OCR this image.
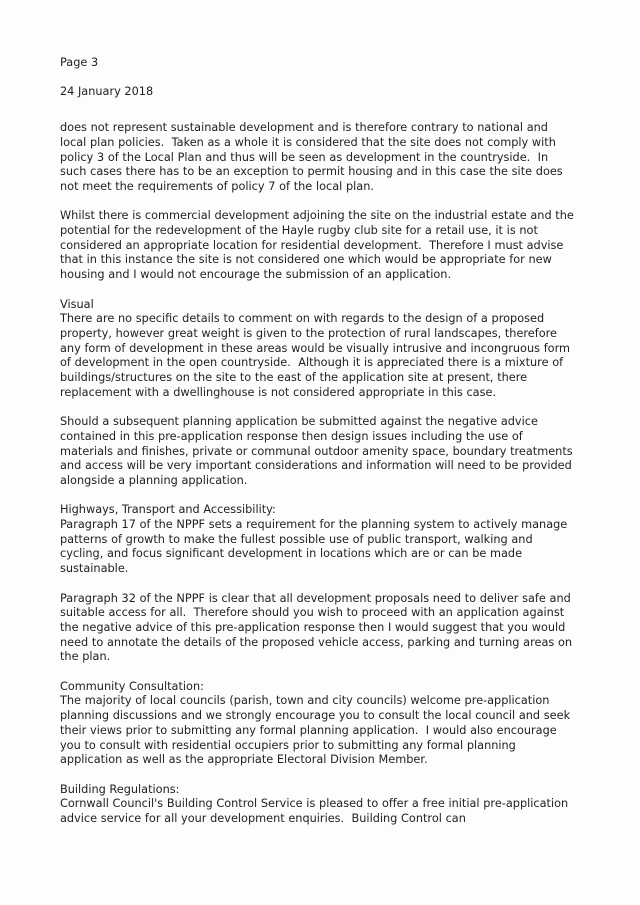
Page 3
24 January 2018
does not represent sustainable development and is therefore contrary to national and local plan policies.  Taken as a whole it is considered that the site does not comply with policy 3 of the Local Plan and thus will be seen as development in the countryside.  In such cases there has to be an exception to permit housing and in this case the site does not meet the requirements of policy 7 of the local plan.
Whilst there is commercial development adjoining the site on the industrial estate and the potential for the redevelopment of the Hayle rugby club site for a retail use, it is not considered an appropriate location for residential development.  Therefore I must advise that in this instance the site is not considered one which would be appropriate for new housing and I would not encourage the submission of an application.
Visual
There are no specific details to comment on with regards to the design of a proposed property, however great weight is given to the protection of rural landscapes, therefore any form of development in these areas would be visually intrusive and incongruous form of development in the open countryside.  Although it is appreciated there is a mixture of buildings/structures on the site to the east of the application site at present, there replacement with a dwellinghouse is not considered appropriate in this case.
Should a subsequent planning application be submitted against the negative advice contained in this pre-application response then design issues including the use of materials and finishes, private or communal outdoor amenity space, boundary treatments and access will be very important considerations and information will need to be provided alongside a planning application.
Highways, Transport and Accessibility:
Paragraph 17 of the NPPF sets a requirement for the planning system to actively manage patterns of growth to make the fullest possible use of public transport, walking and cycling, and focus significant development in locations which are or can be made sustainable.
Paragraph 32 of the NPPF is clear that all development proposals need to deliver safe and suitable access for all.  Therefore should you wish to proceed with an application against the negative advice of this pre-application response then I would suggest that you would need to annotate the details of the proposed vehicle access, parking and turning areas on the plan.
Community Consultation:
The majority of local councils (parish, town and city councils) welcome pre-application planning discussions and we strongly encourage you to consult the local council and seek their views prior to submitting any formal planning application.  I would also encourage you to consult with residential occupiers prior to submitting any formal planning application as well as the appropriate Electoral Division Member.
Building Regulations:
Cornwall Council's Building Control Service is pleased to offer a free initial pre-application advice service for all your development enquiries.  Building Control can
